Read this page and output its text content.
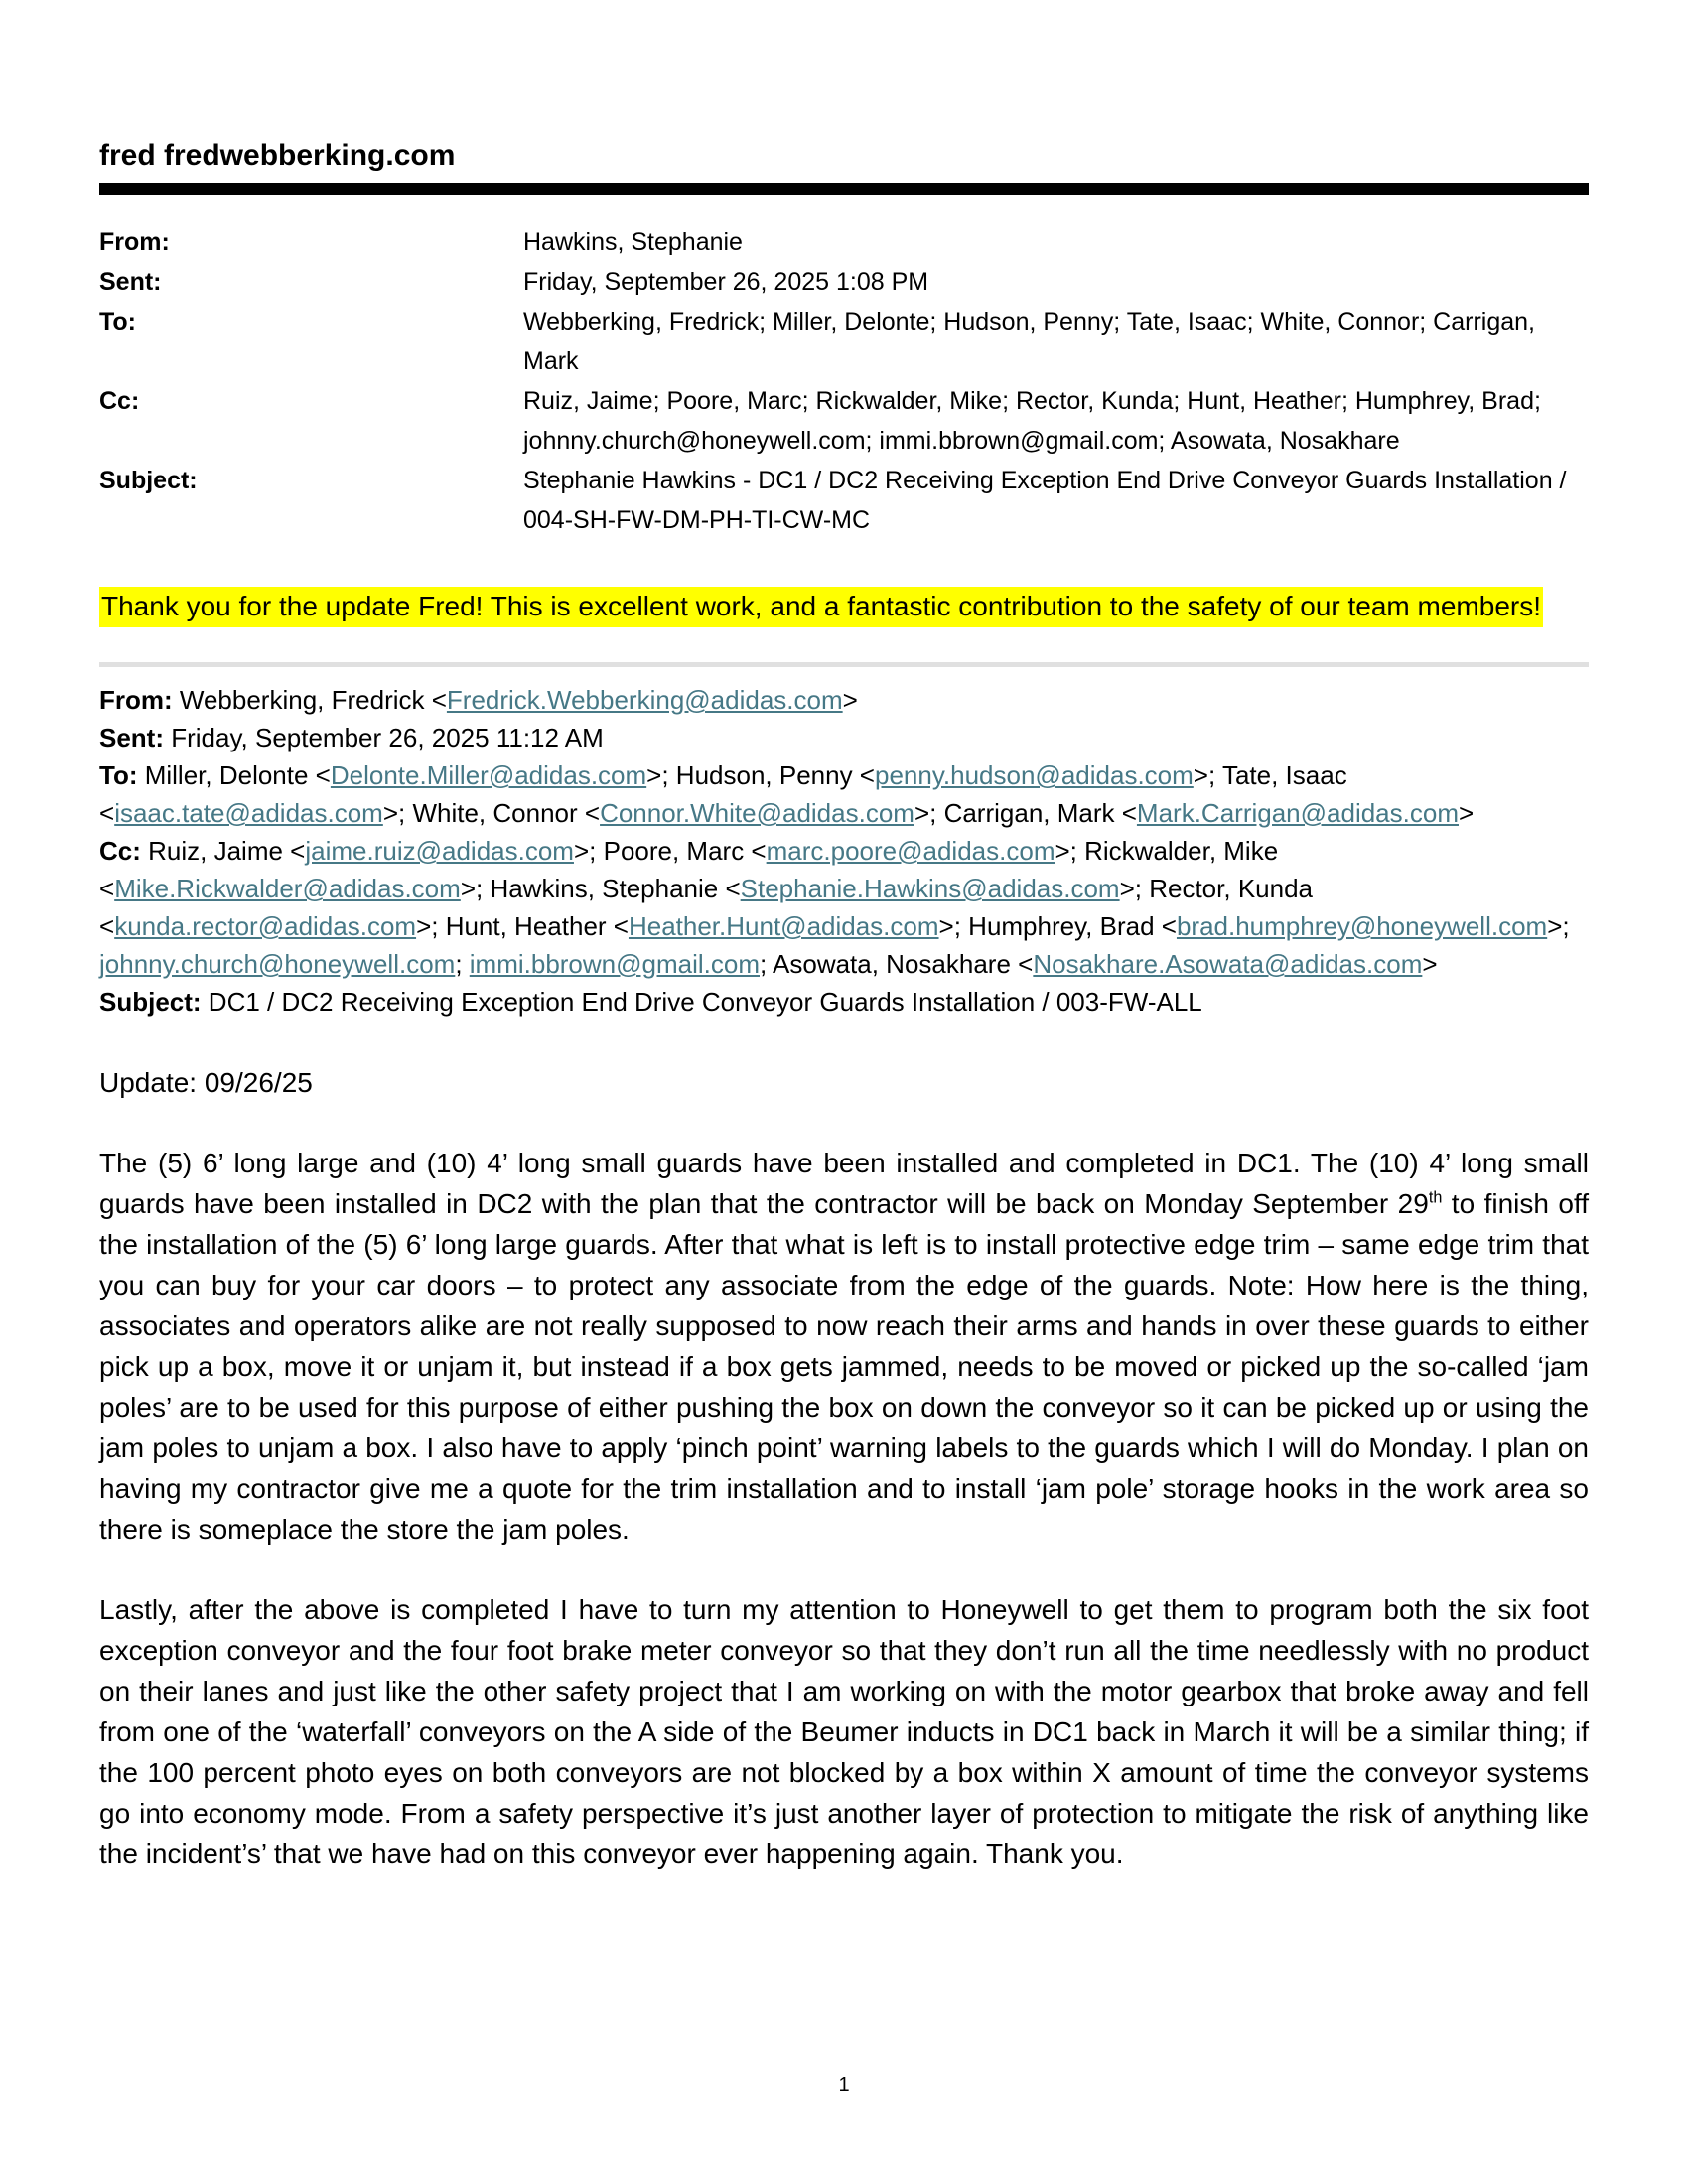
fred fredwebberking.com
From:	Hawkins, Stephanie
Sent:	Friday, September 26, 2025 1:08 PM
To:	Webberking, Fredrick; Miller, Delonte; Hudson, Penny; Tate, Isaac; White, Connor; Carrigan, Mark
Cc:	Ruiz, Jaime; Poore, Marc; Rickwalder, Mike; Rector, Kunda; Hunt, Heather; Humphrey, Brad; johnny.church@honeywell.com; immi.bbrown@gmail.com; Asowata, Nosakhare
Subject:	Stephanie Hawkins - DC1 / DC2 Receiving Exception End Drive Conveyor Guards Installation / 004-SH-FW-DM-PH-TI-CW-MC

Thank you for the update Fred! This is excellent work, and a fantastic contribution to the safety of our team members!

From: Webberking, Fredrick <Fredrick.Webberking@adidas.com>
Sent: Friday, September 26, 2025 11:12 AM
To: Miller, Delonte <Delonte.Miller@adidas.com>; Hudson, Penny <penny.hudson@adidas.com>; Tate, Isaac <isaac.tate@adidas.com>; White, Connor <Connor.White@adidas.com>; Carrigan, Mark <Mark.Carrigan@adidas.com>
Cc: Ruiz, Jaime <jaime.ruiz@adidas.com>; Poore, Marc <marc.poore@adidas.com>; Rickwalder, Mike <Mike.Rickwalder@adidas.com>; Hawkins, Stephanie <Stephanie.Hawkins@adidas.com>; Rector, Kunda <kunda.rector@adidas.com>; Hunt, Heather <Heather.Hunt@adidas.com>; Humphrey, Brad <brad.humphrey@honeywell.com>; johnny.church@honeywell.com; immi.bbrown@gmail.com; Asowata, Nosakhare <Nosakhare.Asowata@adidas.com>
Subject: DC1 / DC2 Receiving Exception End Drive Conveyor Guards Installation / 003-FW-ALL

Update: 09/26/25

The (5) 6’ long large and (10) 4’ long small guards have been installed and completed in DC1. The (10) 4’ long small guards have been installed in DC2 with the plan that the contractor will be back on Monday September 29th to finish off the installation of the (5) 6’ long large guards. After that what is left is to install protective edge trim – same edge trim that you can buy for your car doors – to protect any associate from the edge of the guards. Note: How here is the thing, associates and operators alike are not really supposed to now reach their arms and hands in over these guards to either pick up a box, move it or unjam it, but instead if a box gets jammed, needs to be moved or picked up the so-called ‘jam poles’ are to be used for this purpose of either pushing the box on down the conveyor so it can be picked up or using the jam poles to unjam a box. I also have to apply ‘pinch point’ warning labels to the guards which I will do Monday. I plan on having my contractor give me a quote for the trim installation and to install ‘jam pole’ storage hooks in the work area so there is someplace the store the jam poles.

Lastly, after the above is completed I have to turn my attention to Honeywell to get them to program both the six foot exception conveyor and the four foot brake meter conveyor so that they don’t run all the time needlessly with no product on their lanes and just like the other safety project that I am working on with the motor gearbox that broke away and fell from one of the ‘waterfall’ conveyors on the A side of the Beumer inducts in DC1 back in March it will be a similar thing; if the 100 percent photo eyes on both conveyors are not blocked by a box within X amount of time the conveyor systems go into economy mode. From a safety perspective it’s just another layer of protection to mitigate the risk of anything like the incident’s’ that we have had on this conveyor ever happening again. Thank you.

1
